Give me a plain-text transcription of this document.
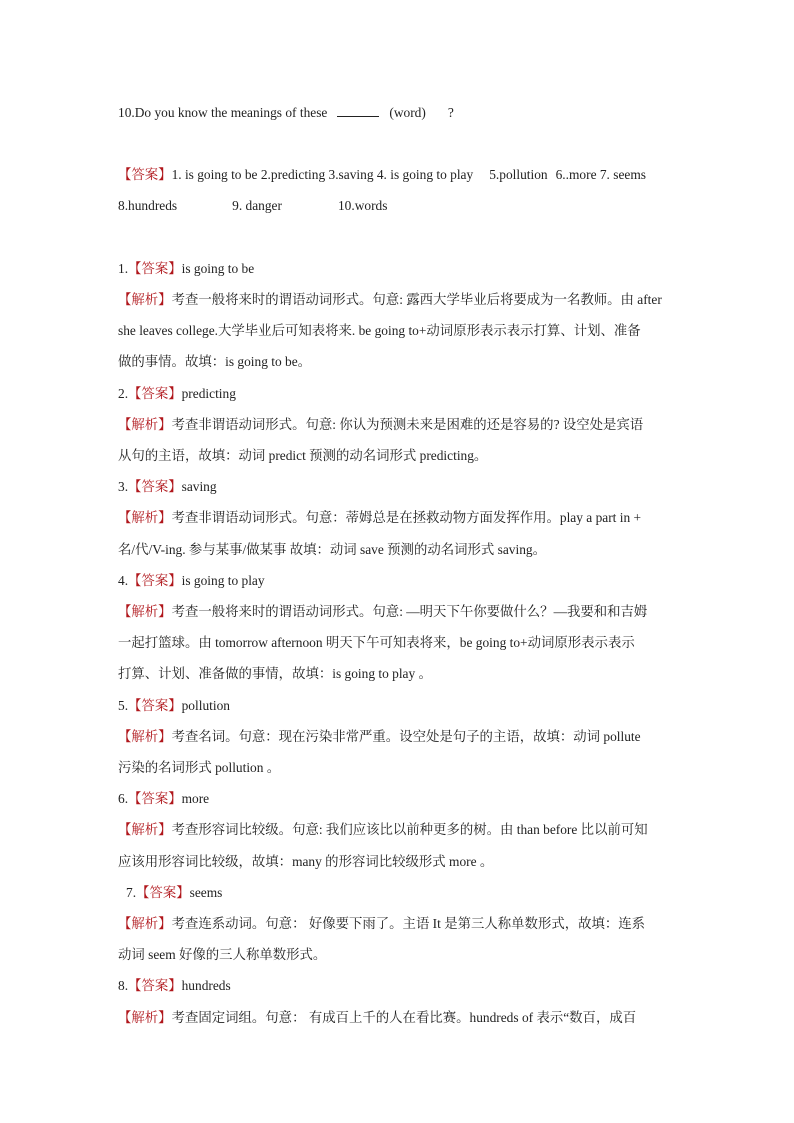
10.Do you know the meanings of these	(word) ?
【答案】1. is going to be 2.predicting 3.saving 4. is going to play 5.pollution 6..more 7. seems
8.hundreds	9. danger	10.words
1.【答案】is going to be
【解析】考查一般将来时的谓语动词形式。句意: 露西大学毕业后将要成为一名教师。由 after
she leaves college.大学毕业后可知表将来. be going to+动词原形表示表示打算、计划、准备
做的事情。故填：is going to be。
2.【答案】predicting
【解析】考查非谓语动词形式。句意: 你认为预测未来是困难的还是容易的? 设空处是宾语
从句的主语，故填：动词 predict 预测的动名词形式 predicting。
3.【答案】saving
【解析】考查非谓语动词形式。句意：蒂姆总是在拯救动物方面发挥作用。play a part in +
名/代/V-ing. 参与某事/做某事 故填：动词 save 预测的动名词形式 saving。
4.【答案】is going to play
【解析】考查一般将来时的谓语动词形式。句意: —明天下午你要做什么？—我要和和吉姆
一起打篮球。由 tomorrow afternoon 明天下午可知表将来，be going to+动词原形表示表示
打算、计划、准备做的事情，故填：is going to play 。
5.【答案】pollution
【解析】考查名词。句意：现在污染非常严重。设空处是句子的主语，故填：动词 pollute
污染的名词形式 pollution 。
6.【答案】more
【解析】考查形容词比较级。句意: 我们应该比以前种更多的树。由 than before 比以前可知
应该用形容词比较级，故填：many 的形容词比较级形式 more 。
7.【答案】seems
【解析】考查连系动词。句意： 好像要下雨了。主语 It 是第三人称单数形式，故填：连系
动词 seem 好像的三人称单数形式。
8.【答案】hundreds
【解析】考查固定词组。句意： 有成百上千的人在看比赛。hundreds of 表示“数百，成百
